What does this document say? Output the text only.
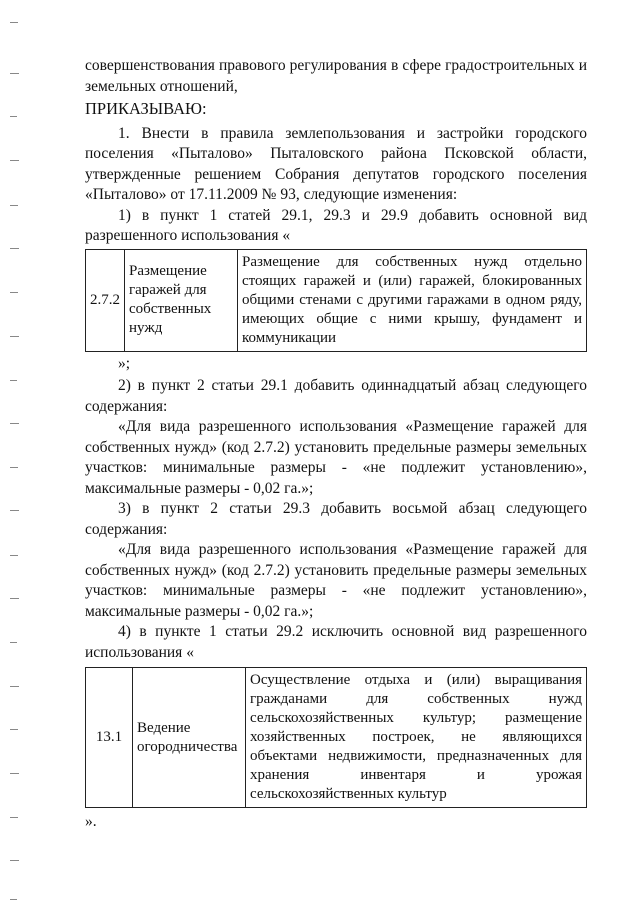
совершенствования правового регулирования в сфере градостроительных и земельных отношений,

ПРИКАЗЫВАЮ:

1. Внести в правила землепользования и застройки городского поселения «Пыталово» Пыталовского района Псковской области, утвержденные решением Собрания депутатов городского поселения «Пыталово» от 17.11.2009 № 93, следующие изменения:

1) в пункт 1 статей 29.1, 29.3 и 29.9 добавить основной вид разрешенного использования «

2.7.2	Размещение гаражей для собственных нужд	Размещение для собственных нужд отдельно стоящих гаражей и (или) гаражей, блокированных общими стенами с другими гаражами в одном ряду, имеющих общие с ними крышу, фундамент и коммуникации

»;

2) в пункт 2 статьи 29.1 добавить одиннадцатый абзац следующего содержания:

«Для вида разрешенного использования «Размещение гаражей для собственных нужд» (код 2.7.2) установить предельные размеры земельных участков: минимальные размеры - «не подлежит установлению», максимальные размеры - 0,02 га.»;

3) в пункт 2 статьи 29.3 добавить восьмой абзац следующего содержания:

«Для вида разрешенного использования «Размещение гаражей для собственных нужд» (код 2.7.2) установить предельные размеры земельных участков: минимальные размеры - «не подлежит установлению», максимальные размеры - 0,02 га.»;

4) в пункте 1 статьи 29.2 исключить основной вид разрешенного использования «

13.1	Ведение огородничества	Осуществление отдыха и (или) выращивания гражданами для собственных нужд сельскохозяйственных культур; размещение хозяйственных построек, не являющихся объектами недвижимости, предназначенных для хранения инвентаря и урожая сельскохозяйственных культур

».
